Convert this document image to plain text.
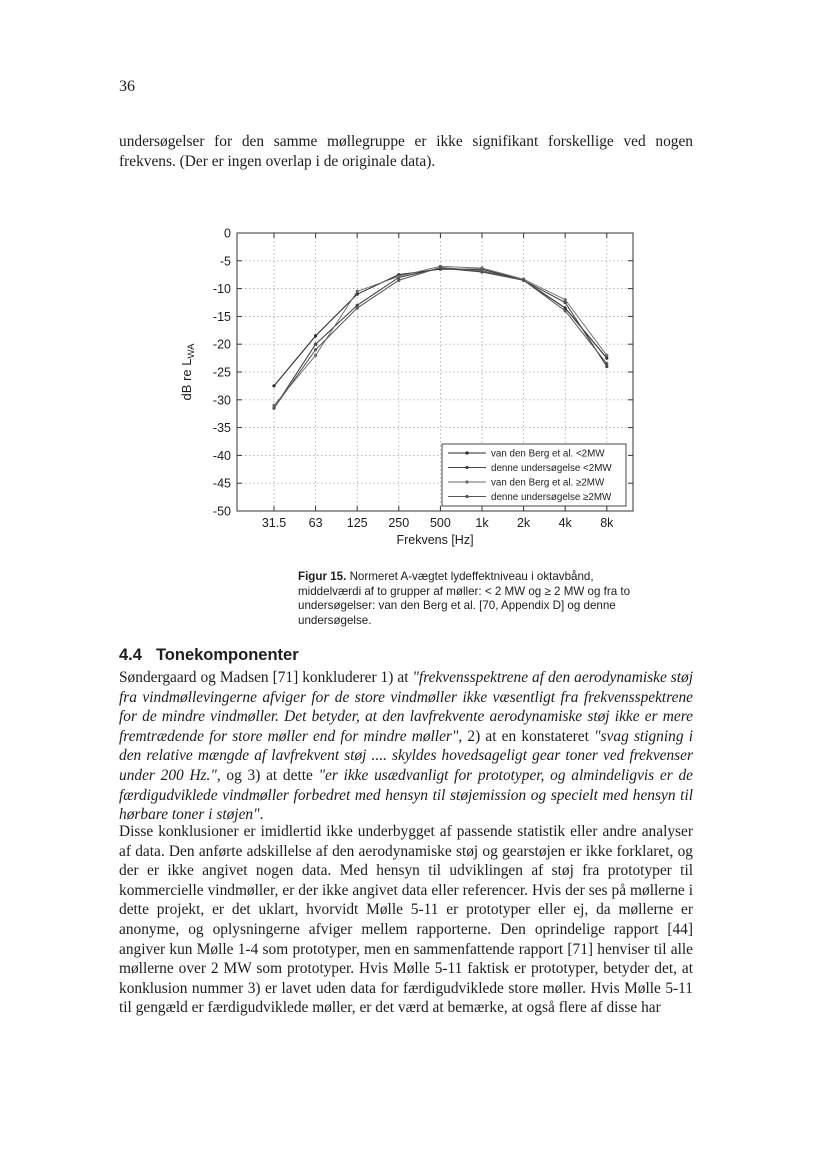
36

undersøgelser for den samme møllegruppe er ikke signifikant forskellige ved nogen frekvens. (Der er ingen overlap i de originale data).

0
-5
-10
-15
-20
-25
-30
-35
-40
-45
-50
31.5 63 125 250 500 1k 2k 4k 8k
Frekvens [Hz]
dB re $L_{WA}$
van den Berg et al. <2MW
denne undersøgelse <2MW
van den Berg et al. ≥2MW
denne undersøgelse ≥2MW

Figur 15. Normeret A-vægtet lydeffektniveau i oktavbånd, middelværdi af to grupper af møller: < 2 MW og ≥ 2 MW og fra to undersøgelser: van den Berg et al. [70, Appendix D] og denne undersøgelse.

4.4 Tonekomponenter

Søndergaard og Madsen [71] konkluderer 1) at "frekvensspektrene af den aerodynamiske støj fra vindmøllevingerne afviger for de store vindmøller ikke væsentligt fra frekvensspektrene for de mindre vindmøller. Det betyder, at den lavfrekvente aerodynamiske støj ikke er mere fremtrædende for store møller end for mindre møller", 2) at en konstateret "svag stigning i den relative mængde af lavfrekvent støj .... skyldes hovedsageligt gear toner ved frekvenser under 200 Hz.", og 3) at dette "er ikke usædvanligt for prototyper, og almindeligvis er de færdigudviklede vindmøller forbedret med hensyn til støjemission og specielt med hensyn til hørbare toner i støjen".

Disse konklusioner er imidlertid ikke underbygget af passende statistik eller andre analyser af data. Den anførte adskillelse af den aerodynamiske støj og gearstøjen er ikke forklaret, og der er ikke angivet nogen data. Med hensyn til udviklingen af støj fra prototyper til kommercielle vindmøller, er der ikke angivet data eller referencer. Hvis der ses på møllerne i dette projekt, er det uklart, hvorvidt Mølle 5-11 er prototyper eller ej, da møllerne er anonyme, og oplysningerne afviger mellem rapporterne. Den oprindelige rapport [44] angiver kun Mølle 1-4 som prototyper, men en sammenfattende rapport [71] henviser til alle møllerne over 2 MW som prototyper. Hvis Mølle 5-11 faktisk er prototyper, betyder det, at konklusion nummer 3) er lavet uden data for færdigudviklede store møller. Hvis Mølle 5-11 til gengæld er færdigudviklede møller, er det værd at bemærke, at også flere af disse har
